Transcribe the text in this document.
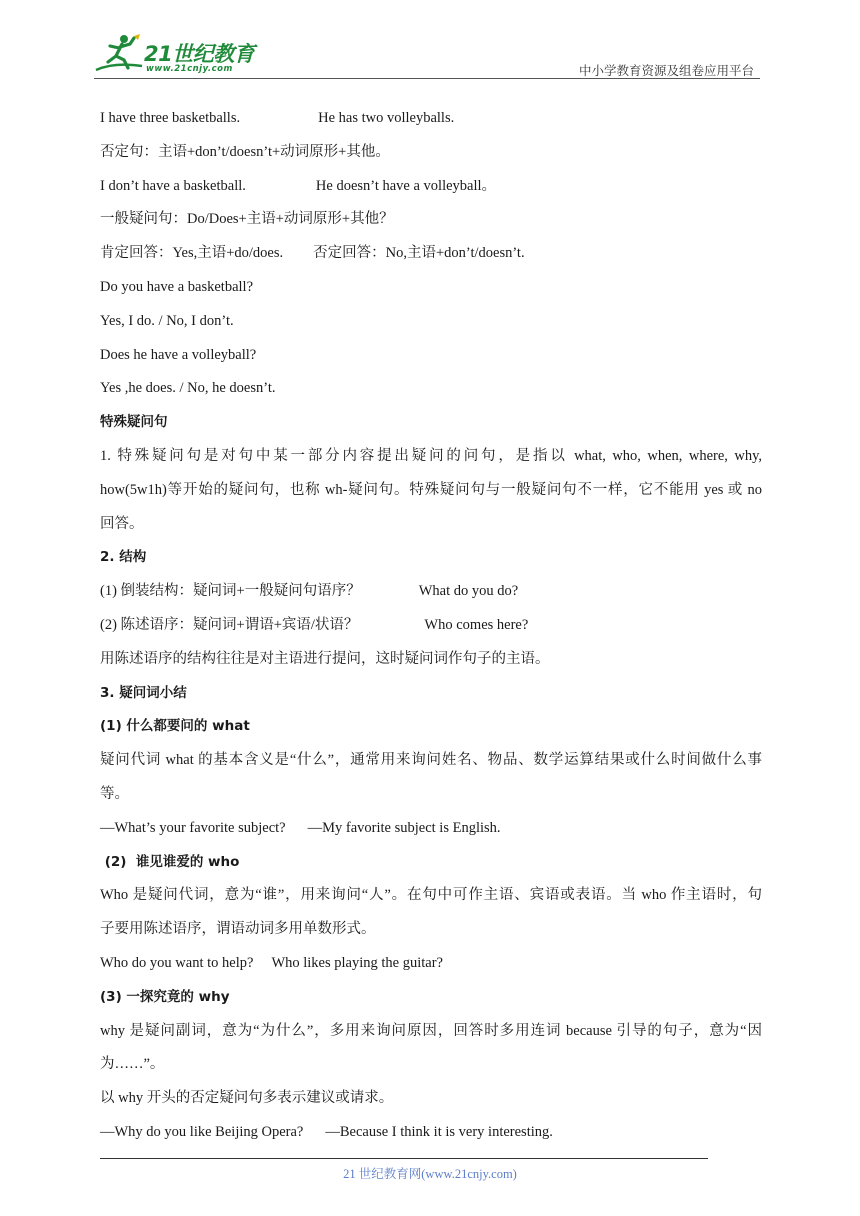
21世纪教育
www.21cnjy.com	中小学教育资源及组卷应用平台
I have three basketballs.	He has two volleyballs.
否定句：主语+don’t/doesn’t+动词原形+其他。
I don’t have a basketball.	He doesn’t have a volleyball。
一般疑问句：Do/Does+主语+动词原形+其他？
肯定回答：Yes,主语+do/does. 否定回答：No,主语+don’t/doesn’t.
Do you have a basketball?
Yes, I do. / No, I don’t.
Does he have a volleyball?
Yes ,he does. / No, he doesn’t.
特殊疑问句
1. 特殊疑问句是对句中某一部分内容提出疑问的问句，是指以 what, who, when, where, why,
how(5w1h)等开始的疑问句，也称 wh-疑问句。特殊疑问句与一般疑问句不一样，它不能用 yes 或 no
回答。
2. 结构
(1) 倒装结构：疑问词+一般疑问句语序？	What do you do?
(2) 陈述语序：疑问词+谓语+宾语/状语？	Who comes here?
用陈述语序的结构往往是对主语进行提问，这时疑问词作句子的主语。
3. 疑问词小结
(1) 什么都要问的 what
疑问代词 what 的基本含义是“什么”，通常用来询问姓名、物品、数学运算结果或什么时间做什么事
等。
—What’s your favorite subject? —My favorite subject is English.
(2)  谁见谁爱的 who
Who 是疑问代词，意为“谁”，用来询问“人”。在句中可作主语、宾语或表语。当 who 作主语时，句
子要用陈述语序，谓语动词多用单数形式。
Who do you want to help? Who likes playing the guitar?
(3) 一探究竟的 why
why 是疑问副词，意为“为什么”，多用来询问原因，回答时多用连词 because 引导的句子，意为“因
为……”。
以 why 开头的否定疑问句多表示建议或请求。
—Why do you like Beijing Opera? —Because I think it is very interesting.
21 世纪教育网(www.21cnjy.com)
